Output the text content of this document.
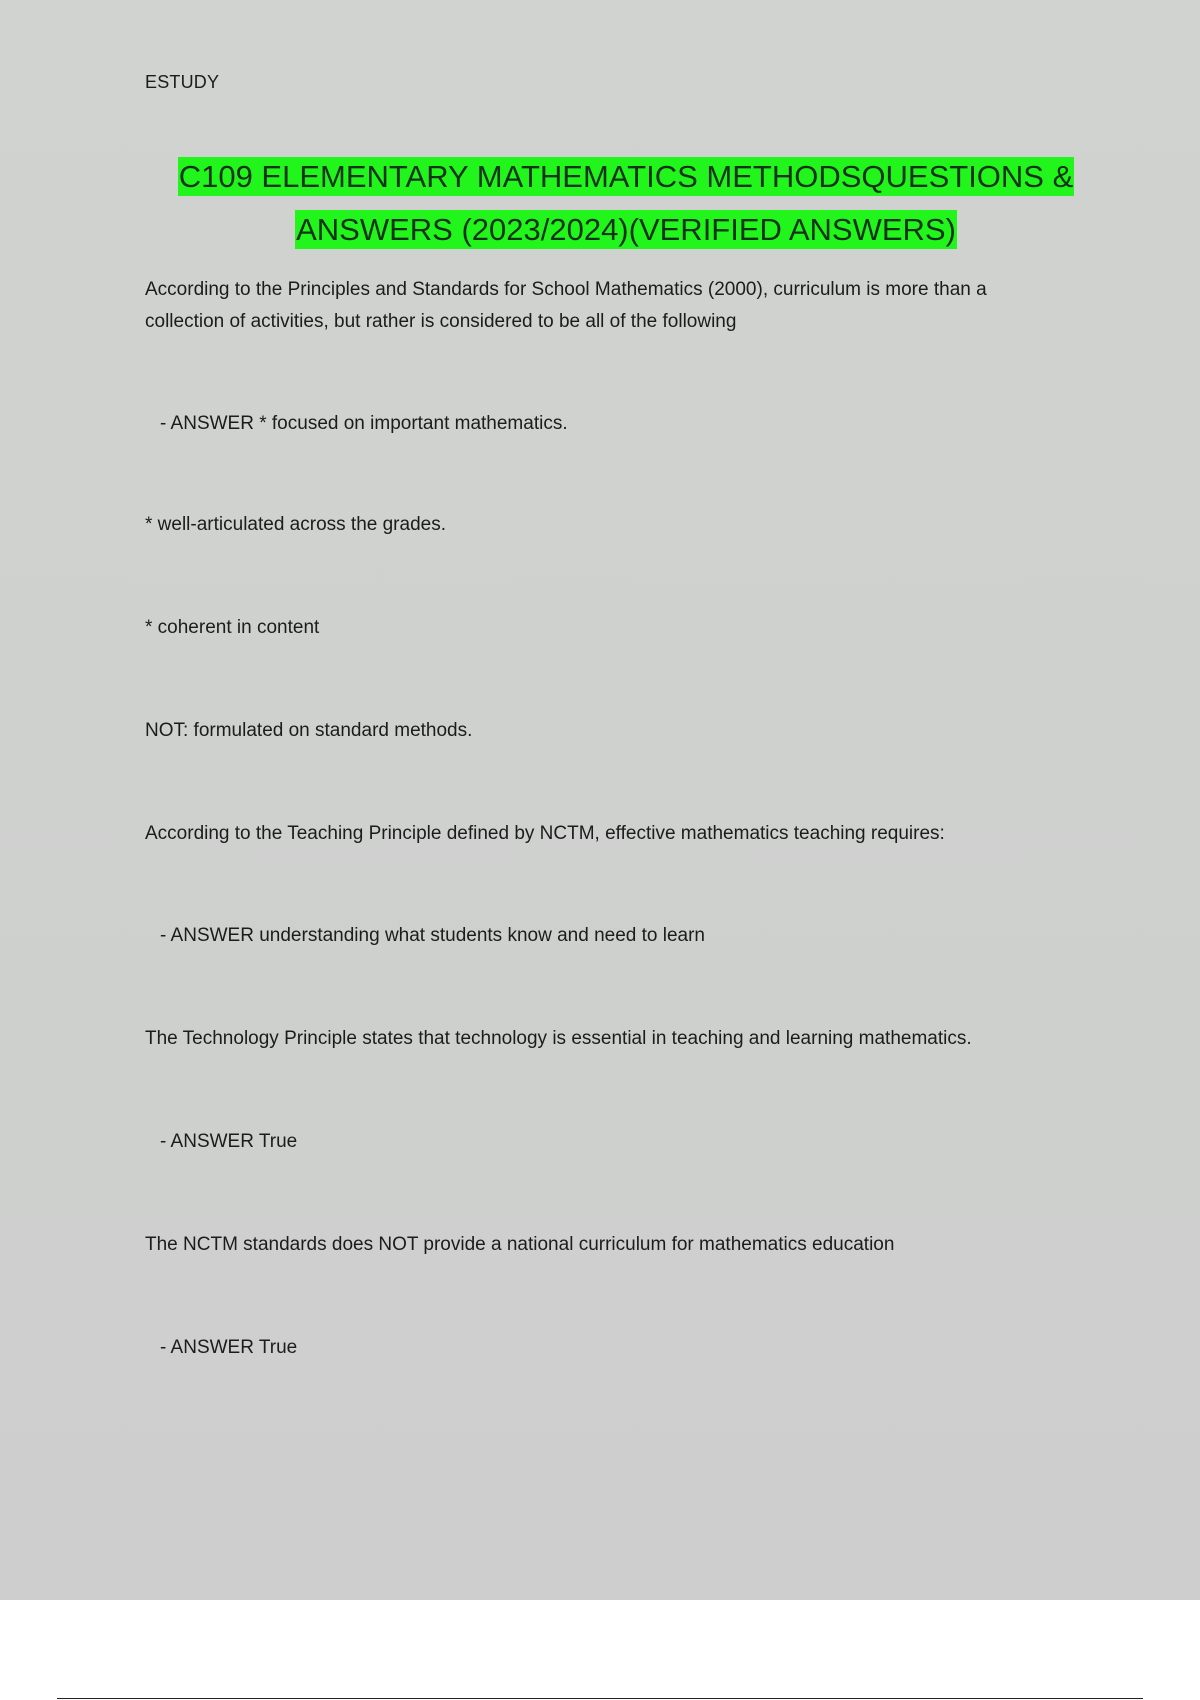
ESTUDY
C109 ELEMENTARY MATHEMATICS METHODSQUESTIONS & ANSWERS (2023/2024)(VERIFIED ANSWERS)
According to the Principles and Standards for School Mathematics (2000), curriculum is more than a collection of activities, but rather is considered to be all of the following
- ANSWER * focused on important mathematics.
* well-articulated across the grades.
* coherent in content
NOT: formulated on standard methods.
According to the Teaching Principle defined by NCTM, effective mathematics teaching requires:
- ANSWER understanding what students know and need to learn
The Technology Principle states that technology is essential in teaching and learning mathematics.
- ANSWER True
The NCTM standards does NOT provide a national curriculum for mathematics education
- ANSWER True
